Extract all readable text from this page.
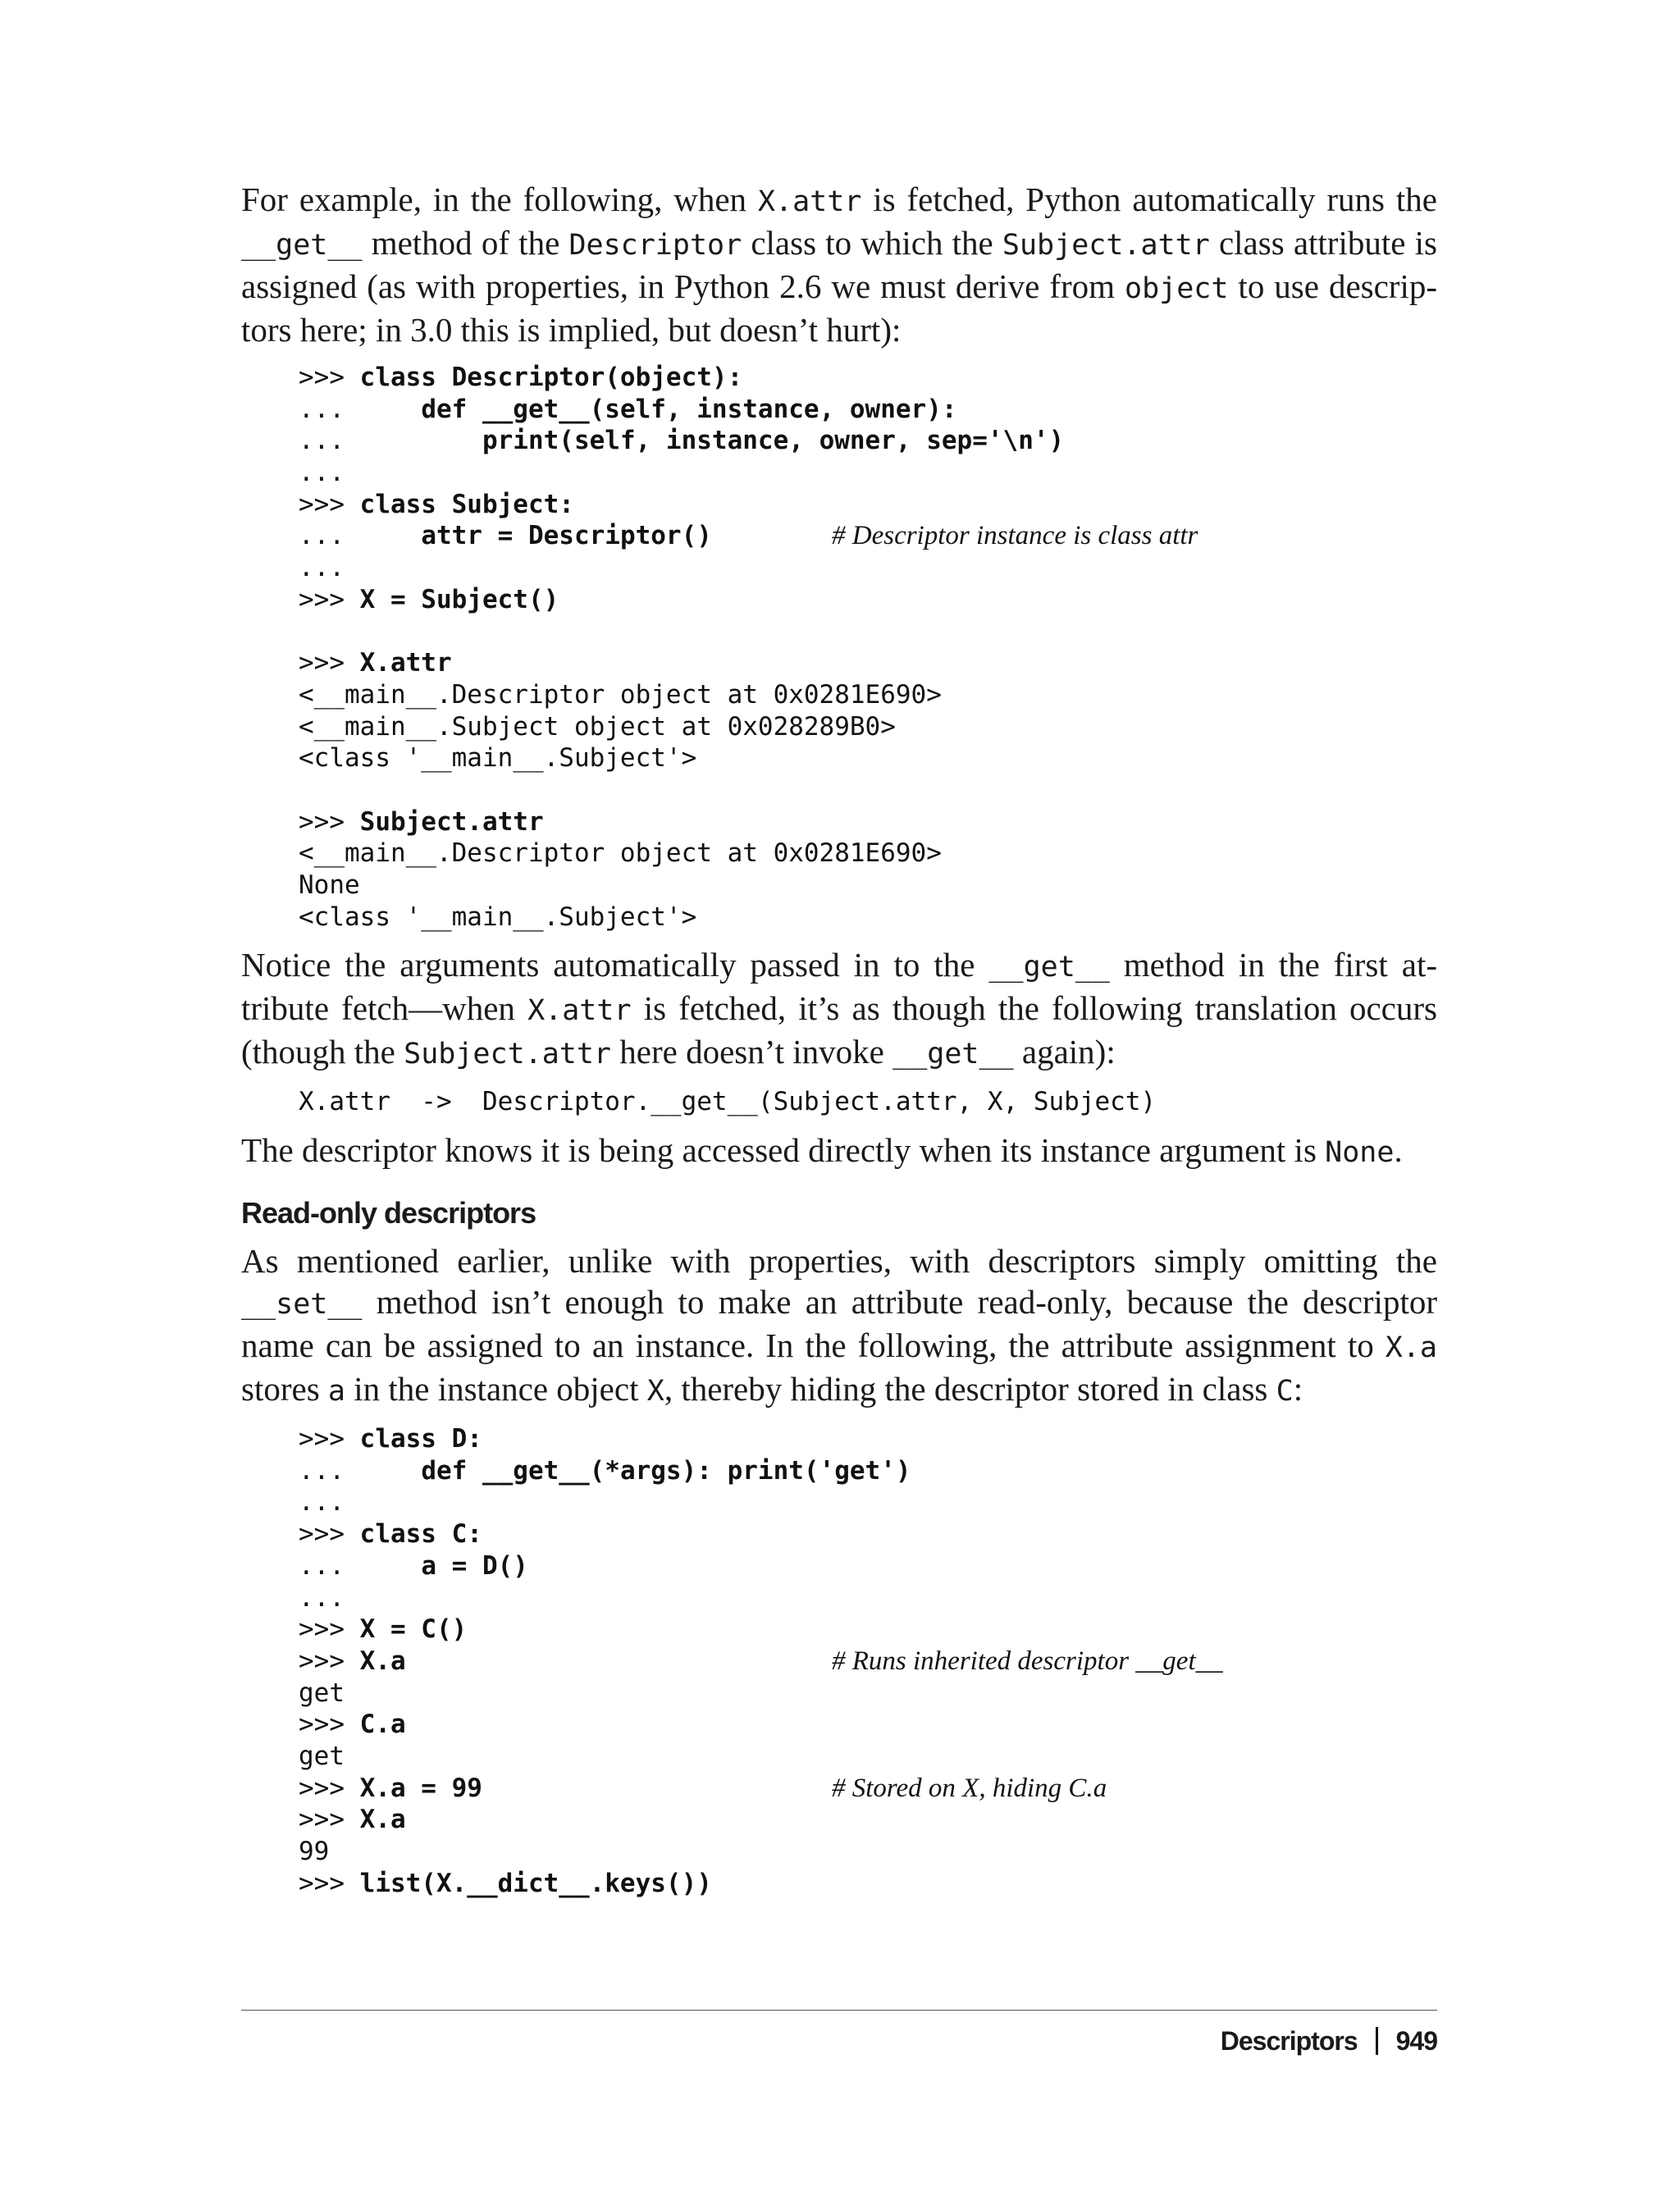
For example, in the following, when X.attr is fetched, Python automatically runs the __get__ method of the Descriptor class to which the Subject.attr class attribute is assigned (as with properties, in Python 2.6 we must derive from object to use descrip-tors here; in 3.0 this is implied, but doesn’t hurt):

>>> class Descriptor(object):
...     def __get__(self, instance, owner):
...         print(self, instance, owner, sep='\n')
...
>>> class Subject:
...     attr = Descriptor()	# Descriptor instance is class attr
...
>>> X = Subject()
>>> X.attr
<__main__.Descriptor object at 0x0281E690>
<__main__.Subject object at 0x028289B0>
<class '__main__.Subject'>
>>> Subject.attr
<__main__.Descriptor object at 0x0281E690>
None
<class '__main__.Subject'>

Notice the arguments automatically passed in to the __get__ method in the first at-tribute fetch—when X.attr is fetched, it’s as though the following translation occurs (though the Subject.attr here doesn’t invoke __get__ again):

X.attr  ->  Descriptor.__get__(Subject.attr, X, Subject)

The descriptor knows it is being accessed directly when its instance argument is None.

Read-only descriptors

As mentioned earlier, unlike with properties, with descriptors simply omitting the __set__ method isn’t enough to make an attribute read-only, because the descriptor name can be assigned to an instance. In the following, the attribute assignment to X.a stores a in the instance object X, thereby hiding the descriptor stored in class C:

>>> class D:
...     def __get__(*args): print('get')
...
>>> class C:
...     a = D()
...
>>> X = C()
>>> X.a	# Runs inherited descriptor __get__
get
>>> C.a
get
>>> X.a = 99	# Stored on X, hiding C.a
>>> X.a
99
>>> list(X.__dict__.keys())
Descriptors 949
